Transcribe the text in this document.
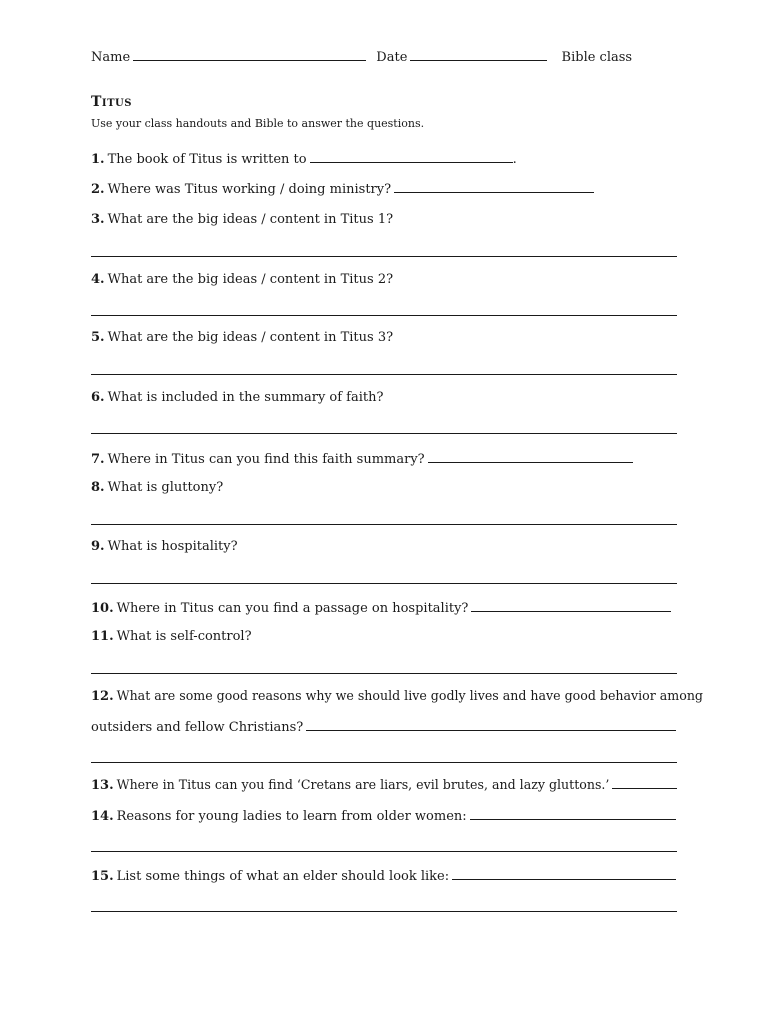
Name	Date	Bible class
Titus
Use your class handouts and Bible to answer the questions.
1. The book of Titus is written to	.
2. Where was Titus working / doing ministry?
3. What are the big ideas / content in Titus 1?
4. What are the big ideas / content in Titus 2?
5. What are the big ideas / content in Titus 3?
6. What is included in the summary of faith?
7. Where in Titus can you find this faith summary?
8. What is gluttony?
9. What is hospitality?
10. Where in Titus can you find a passage on hospitality?
11. What is self-control?
12. What are some good reasons why we should live godly lives and have good behavior among
outsiders and fellow Christians?
13. Where in Titus can you find ‘Cretans are liars, evil brutes, and lazy gluttons.’
14. Reasons for young ladies to learn from older women:
15. List some things of what an elder should look like:
